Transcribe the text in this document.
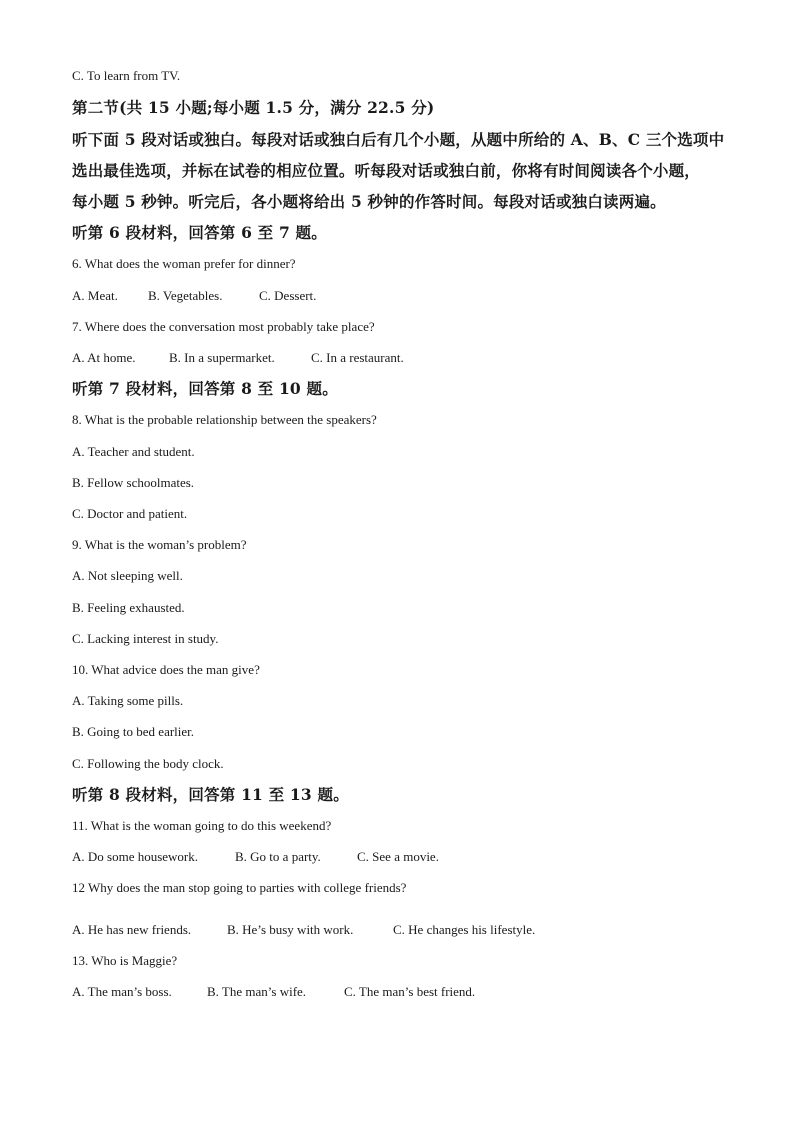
C. To learn from TV.
第二节(共 15 小题;每小题 1.5 分，满分 22.5 分)
听下面 5 段对话或独白。每段对话或独白后有几个小题，从题中所给的 A、B、C 三个选项中
选出最佳选项，并标在试卷的相应位置。听每段对话或独白前，你将有时间阅读各个小题，
每小题 5 秒钟。听完后，各小题将给出 5 秒钟的作答时间。每段对话或独白读两遍。
听第 6 段材料，回答第 6 至 7 题。
6. What does the woman prefer for dinner?
A. Meat. B. Vegetables.	C. Dessert.
7. Where does the conversation most probably take place?
A. At home.	B. In a supermarket.	C. In a restaurant.
听第 7 段材料，回答第 8 至 10 题。
8. What is the probable relationship between the speakers?
A. Teacher and student.
B. Fellow schoolmates.
C. Doctor and patient.
9. What is the woman’s problem?
A. Not sleeping well.
B. Feeling exhausted.
C. Lacking interest in study.
10. What advice does the man give?
A. Taking some pills.
B. Going to bed earlier.
C. Following the body clock.
听第 8 段材料，回答第 11 至 13 题。
11. What is the woman going to do this weekend?
A. Do some housework.	B. Go to a party.	C. See a movie.
12 Why does the man stop going to parties with college friends?
A. He has new friends.	B. He’s busy with work.	C. He changes his lifestyle.
13. Who is Maggie?
A. The man’s boss.	B. The man’s wife.	C. The man’s best friend.
